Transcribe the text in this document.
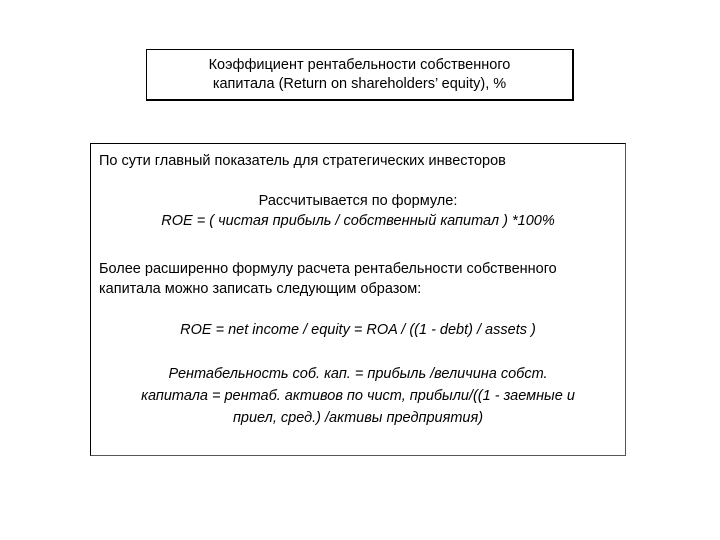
Коэффициент рентабельности собственного
капитала (Return on shareholders’ equity), %
По сути главный показатель для стратегических инвесторов
Рассчитывается по формуле:
ROE = ( чистая прибыль / собственный капитал ) *100%
Более расширенно формулу расчета рентабельности собственного
капитала можно записать следующим образом:
ROE = net income / equity = ROA / ((1 - debt) / assets )
Рентабельность соб. кап. = прибыль /величина собст.
капитала = рентаб. активов по чист, прибыли/((1 - заемные и
приел, сред.) /активы предприятия)
